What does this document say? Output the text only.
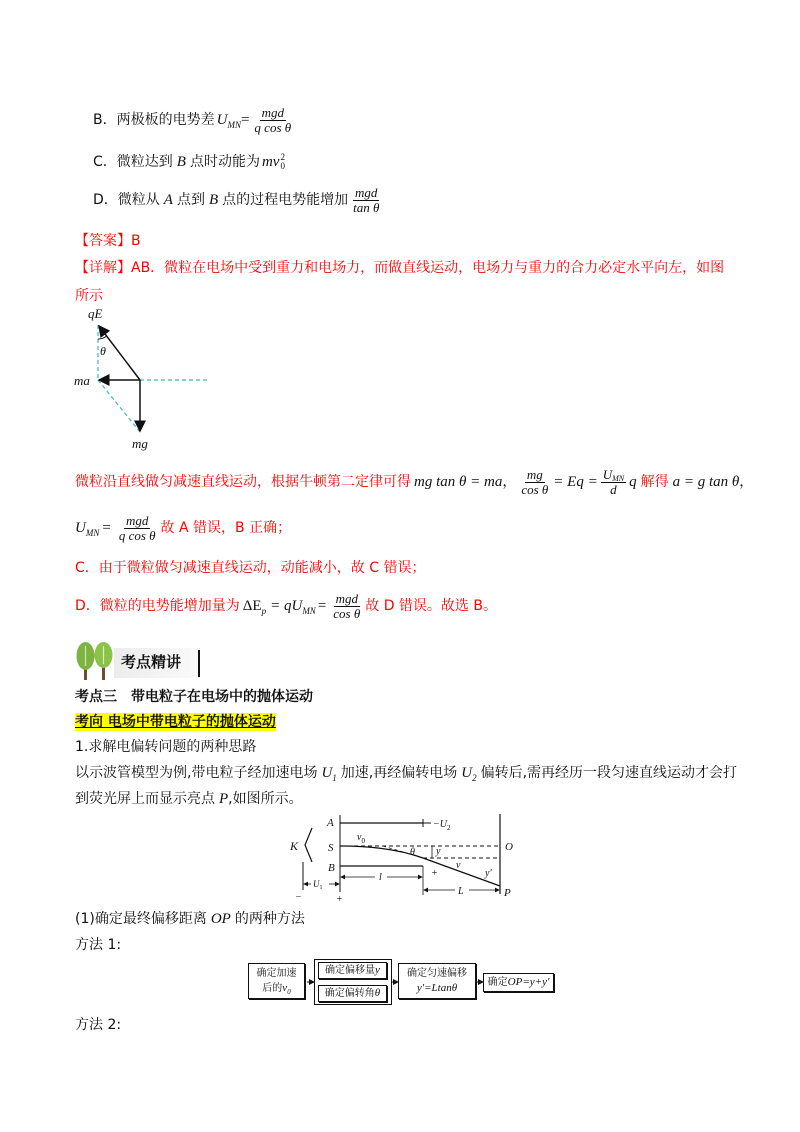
B．两极板的电势差 U MN = $\frac{\text{mgd}}{\text{q cos θ}}$
C．微粒达到 B 点时动能为 mv 2
0
D．微粒从 A 点到 B 点的过程电势能增加 $\frac{\text{mgd}}{\text{tan θ}}$
【答案】B
【详解】AB．微粒在电场中受到重力和电场力，而做直线运动，电场力与重力的合力必定水平向左，如图
所示
qE
θ
ma
mg
微粒沿直线做匀减速直线运动，根据牛顿第二定律可得 mg tan θ = ma ， $\frac{mg}{\text{cos θ}} = Eq = \frac{\text{U MN}}{d}$ q 解得 a = g tan θ ，
U MN = $\frac{\text{mgd}}{\text{q cos θ}}$ 故 A 错误，B 正确；
C．由于微粒做匀减速直线运动，动能减小，故 C 错误；
D．微粒的电势能增加量为 ΔE p = qU MN = $\frac{\text{mgd}}{\text{cos θ}}$ 故 D 错误。故选 B。
考点精讲
考点三 带电粒子在电场中的抛体运动
考向 电场中带电粒子的抛体运动
1.求解电偏转问题的两种思路
以示波管模型为例,带电粒子经加速电场 U 1 加速,再经偏转电场 U 2 偏转后,需再经历一段匀速直线运动才会打
到荧光屏上而显示亮点 P ,如图所示。
K
A
S
B
O
P
$-U_2$
$v_0$
θ y
v
y'
+
l
L
$U_1$
−	+
(1)确定最终偏移距离 OP 的两种方法
方法 1:
确定加速
后的$v_0$
确定偏移量y
确定偏转角θ
确定匀速偏移
y'=Ltanθ	确定OP=y+y'
方法 2:
